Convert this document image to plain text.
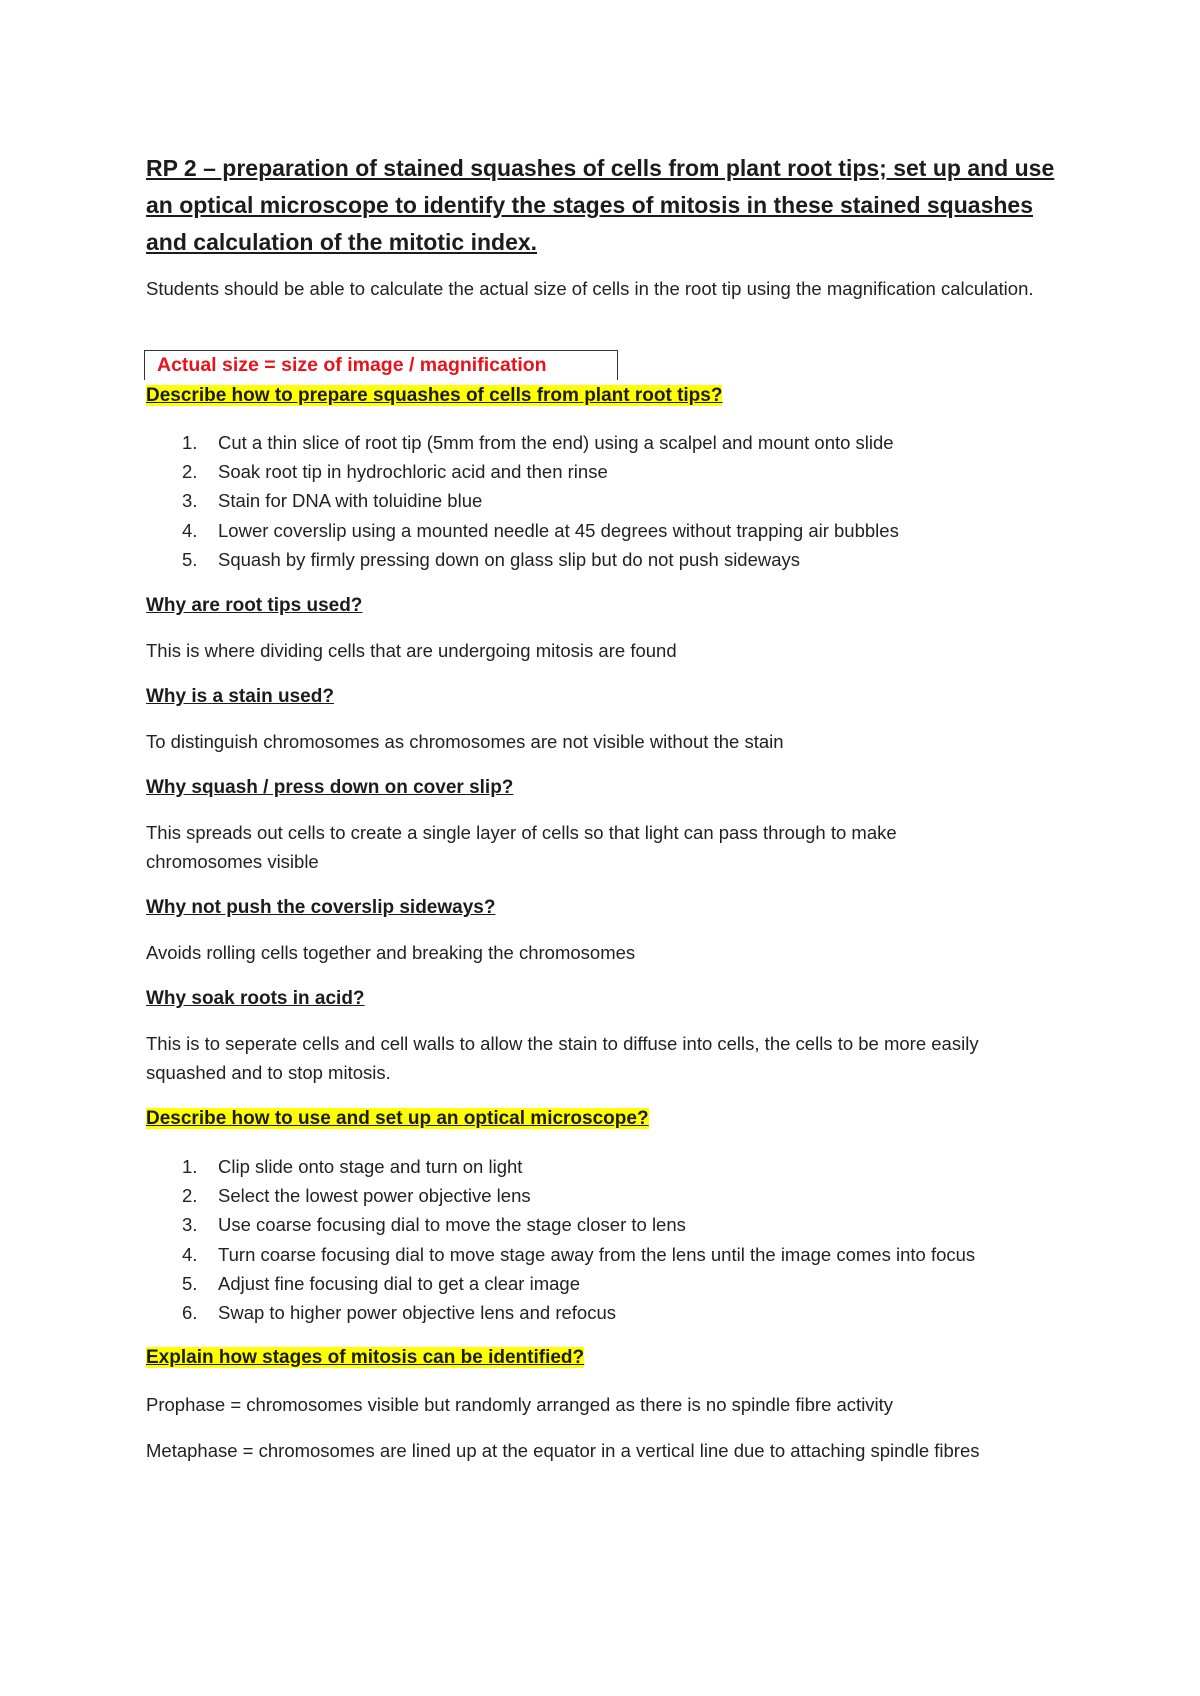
RP 2 – preparation of stained squashes of cells from plant root tips; set up and use an optical microscope to identify the stages of mitosis in these stained squashes and calculation of the mitotic index.
Students should be able to calculate the actual size of cells in the root tip using the magnification calculation.
Actual size = size of image / magnification
Describe how to prepare squashes of cells from plant root tips?
1.	Cut a thin slice of root tip (5mm from the end) using a scalpel and mount onto slide
2.	Soak root tip in hydrochloric acid and then rinse
3.	Stain for DNA with toluidine blue
4.	Lower coverslip using a mounted needle at 45 degrees without trapping air bubbles
5.	Squash by firmly pressing down on glass slip but do not push sideways
Why are root tips used?
This is where dividing cells that are undergoing mitosis are found
Why is a stain used?
To distinguish chromosomes as chromosomes are not visible without the stain
Why squash / press down on cover slip?
This spreads out cells to create a single layer of cells so that light can pass through to make chromosomes visible
Why not push the coverslip sideways?
Avoids rolling cells together and breaking the chromosomes
Why soak roots in acid?
This is to seperate cells and cell walls to allow the stain to diffuse into cells, the cells to be more easily squashed and to stop mitosis.
Describe how to use and set up an optical microscope?
1.	Clip slide onto stage and turn on light
2.	Select the lowest power objective lens
3.	Use coarse focusing dial to move the stage closer to lens
4.	Turn coarse focusing dial to move stage away from the lens until the image comes into focus
5.	Adjust fine focusing dial to get a clear image
6.	Swap to higher power objective lens and refocus
Explain how stages of mitosis can be identified?
Prophase = chromosomes visible but randomly arranged as there is no spindle fibre activity
Metaphase = chromosomes are lined up at the equator in a vertical line due to attaching spindle fibres
